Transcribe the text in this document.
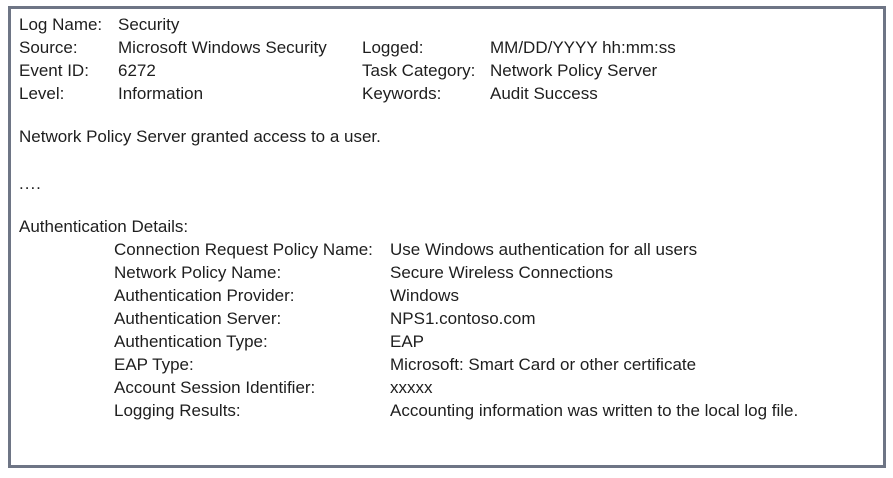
Log Name: Security
Source:	Microsoft Windows Security	Logged:	MM/DD/YYYY hh:mm:ss
Event ID:	6272	Task Category: Network Policy Server
Level:	Information	Keywords:	Audit Success
Network Policy Server granted access to a user.
....
Authentication Details:
Connection Request Policy Name:	Use Windows authentication for all users
Network Policy Name:	Secure Wireless Connections
Authentication Provider:	Windows
Authentication Server:	NPS1.contoso.com
Authentication Type:	EAP
EAP Type:	Microsoft: Smart Card or other certificate
Account Session Identifier:	xxxxx
Logging Results:	Accounting information was written to the local log file.
